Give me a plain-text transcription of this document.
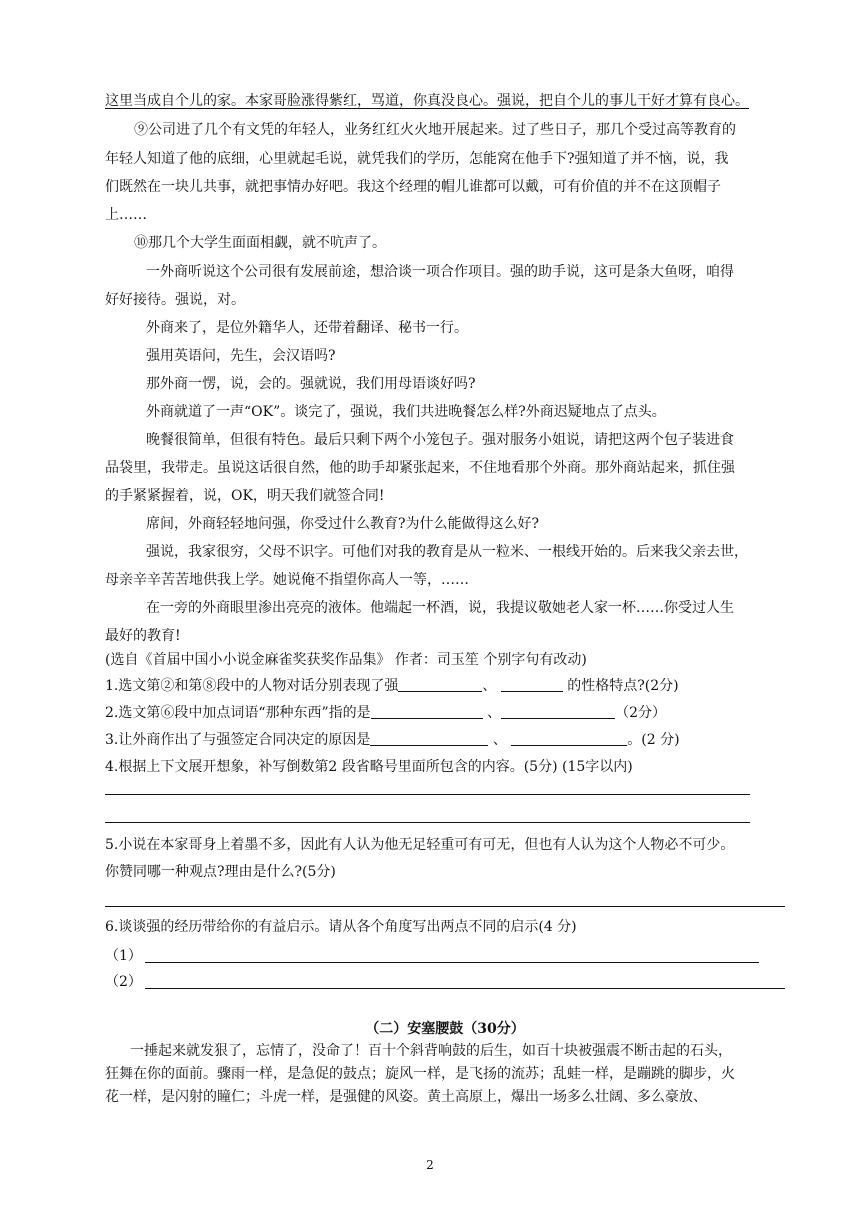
这里当成自个儿的家。本家哥脸涨得紫红，骂道，你真没良心。强说，把自个儿的事儿干好才算有良心。
⑨公司进了几个有文凭的年轻人，业务红红火火地开展起来。过了些日子，那几个受过高等教育的
年轻人知道了他的底细，心里就起毛说，就凭我们的学历，怎能窝在他手下?强知道了并不恼，说，我
们既然在一块儿共事，就把事情办好吧。我这个经理的帽儿谁都可以戴，可有价值的并不在这顶帽子
上……
⑩那几个大学生面面相觑，就不吭声了。
一外商听说这个公司很有发展前途，想洽谈一项合作项目。强的助手说，这可是条大鱼呀，咱得
好好接待。强说，对。
外商来了，是位外籍华人，还带着翻译、秘书一行。
强用英语问，先生，会汉语吗?
那外商一愣，说，会的。强就说，我们用母语谈好吗?
外商就道了一声“OK”。谈完了，强说，我们共进晚餐怎么样?外商迟疑地点了点头。
晚餐很简单，但很有特色。最后只剩下两个小笼包子。强对服务小姐说，请把这两个包子装进食
品袋里，我带走。虽说这话很自然，他的助手却紧张起来，不住地看那个外商。那外商站起来，抓住强
的手紧紧握着，说，OK，明天我们就签合同!
席间，外商轻轻地问强，你受过什么教育?为什么能做得这么好?
强说，我家很穷，父母不识字。可他们对我的教育是从一粒米、一根线开始的。后来我父亲去世，
母亲辛辛苦苦地供我上学。她说俺不指望你高人一等，……
在一旁的外商眼里渗出亮亮的液体。他端起一杯酒，说，我提议敬她老人家一杯……你受过人生
最好的教育!
(选自《首届中国小小说金麻雀奖获奖作品集》 作者：司玉笙 个别字句有改动)
1.选文第②和第⑧段中的人物对话分别表现了强	、	的性格特点?(2分)
2.选文第⑥段中加点词语“那种东西”指的是	、	（2分）
3.让外商作出了与强签定合同决定的原因是	、	。(2 分)
4.根据上下文展开想象，补写倒数第2 段省略号里面所包含的内容。(5分) (15字以内)
5.小说在本家哥身上着墨不多，因此有人认为他无足轻重可有可无，但也有人认为这个人物必不可少。
你赞同哪一种观点?理由是什么?(5分)
6.谈谈强的经历带给你的有益启示。请从各个角度写出两点不同的启示(4 分)
（1）
（2）
（二）安塞腰鼓（30分）
一捶起来就发狠了，忘情了，没命了！百十个斜背响鼓的后生，如百十块被强震不断击起的石头，
狂舞在你的面前。骤雨一样，是急促的鼓点；旋风一样，是飞扬的流苏；乱蛙一样，是蹦跳的脚步，火
花一样，是闪射的瞳仁；斗虎一样，是强健的风姿。黄土高原上，爆出一场多么壮阔、多么豪放、
2
